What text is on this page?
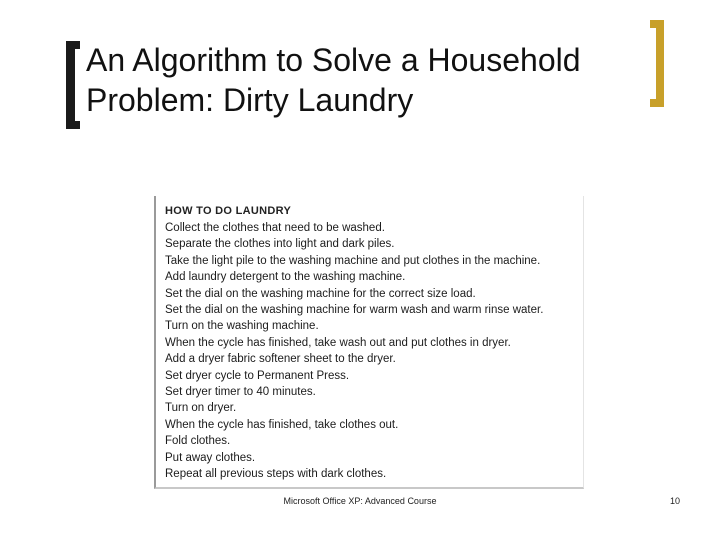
An Algorithm to Solve a Household Problem: Dirty Laundry
HOW TO DO LAUNDRY
Collect the clothes that need to be washed.
Separate the clothes into light and dark piles.
Take the light pile to the washing machine and put clothes in the machine.
Add laundry detergent to the washing machine.
Set the dial on the washing machine for the correct size load.
Set the dial on the washing machine for warm wash and warm rinse water.
Turn on the washing machine.
When the cycle has finished, take wash out and put clothes in dryer.
Add a dryer fabric softener sheet to the dryer.
Set dryer cycle to Permanent Press.
Set dryer timer to 40 minutes.
Turn on dryer.
When the cycle has finished, take clothes out.
Fold clothes.
Put away clothes.
Repeat all previous steps with dark clothes.
Microsoft Office XP: Advanced Course	10
